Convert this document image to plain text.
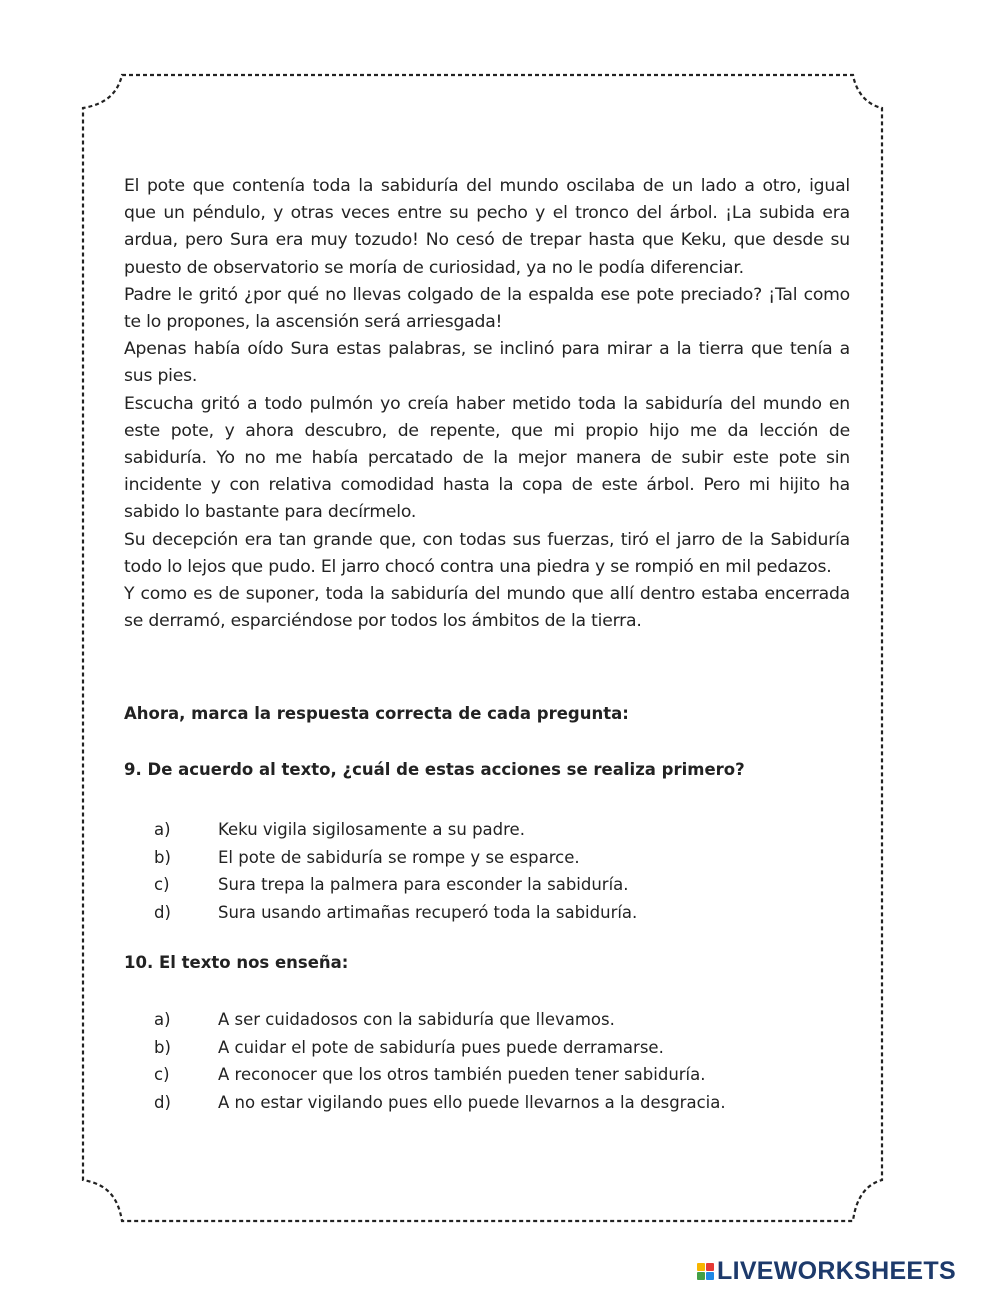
El pote que contenía toda la sabiduría del mundo oscilaba de un lado a otro, igual que un péndulo, y otras veces entre su pecho y el tronco del árbol. ¡La subida era ardua, pero Sura era muy tozudo! No cesó de trepar hasta que Keku, que desde su puesto de observatorio se moría de curiosidad, ya no le podía diferenciar.

Padre le gritó ¿por qué no llevas colgado de la espalda ese pote preciado? ¡Tal como te lo propones, la ascensión será arriesgada!

Apenas había oído Sura estas palabras, se inclinó para mirar a la tierra que tenía a sus pies.

Escucha gritó a todo pulmón yo creía haber metido toda la sabiduría del mundo en este pote, y ahora descubro, de repente, que mi propio hijo me da lección de sabiduría. Yo no me había percatado de la mejor manera de subir este pote sin incidente y con relativa comodidad hasta la copa de este árbol. Pero mi hijito ha sabido lo bastante para decírmelo.

Su decepción era tan grande que, con todas sus fuerzas, tiró el jarro de la Sabiduría todo lo lejos que pudo. El jarro chocó contra una piedra y se rompió en mil pedazos.

Y como es de suponer, toda la sabiduría del mundo que allí dentro estaba encerrada se derramó, esparciéndose por todos los ámbitos de la tierra.

Ahora, marca la respuesta correcta de cada pregunta:
9. De acuerdo al texto, ¿cuál de estas acciones se realiza primero?
a)	Keku vigila sigilosamente a su padre.
b)	El pote de sabiduría se rompe y se esparce.
c)	Sura trepa la palmera para esconder la sabiduría.
d)	Sura usando artimañas recuperó toda la sabiduría.
10. El texto nos enseña:
a)	A ser cuidadosos con la sabiduría que llevamos.
b)	A cuidar el pote de sabiduría pues puede derramarse.
c)	A reconocer que los otros también pueden tener sabiduría.
d)	A no estar vigilando pues ello puede llevarnos a la desgracia.
LIVEWORKSHEETS
